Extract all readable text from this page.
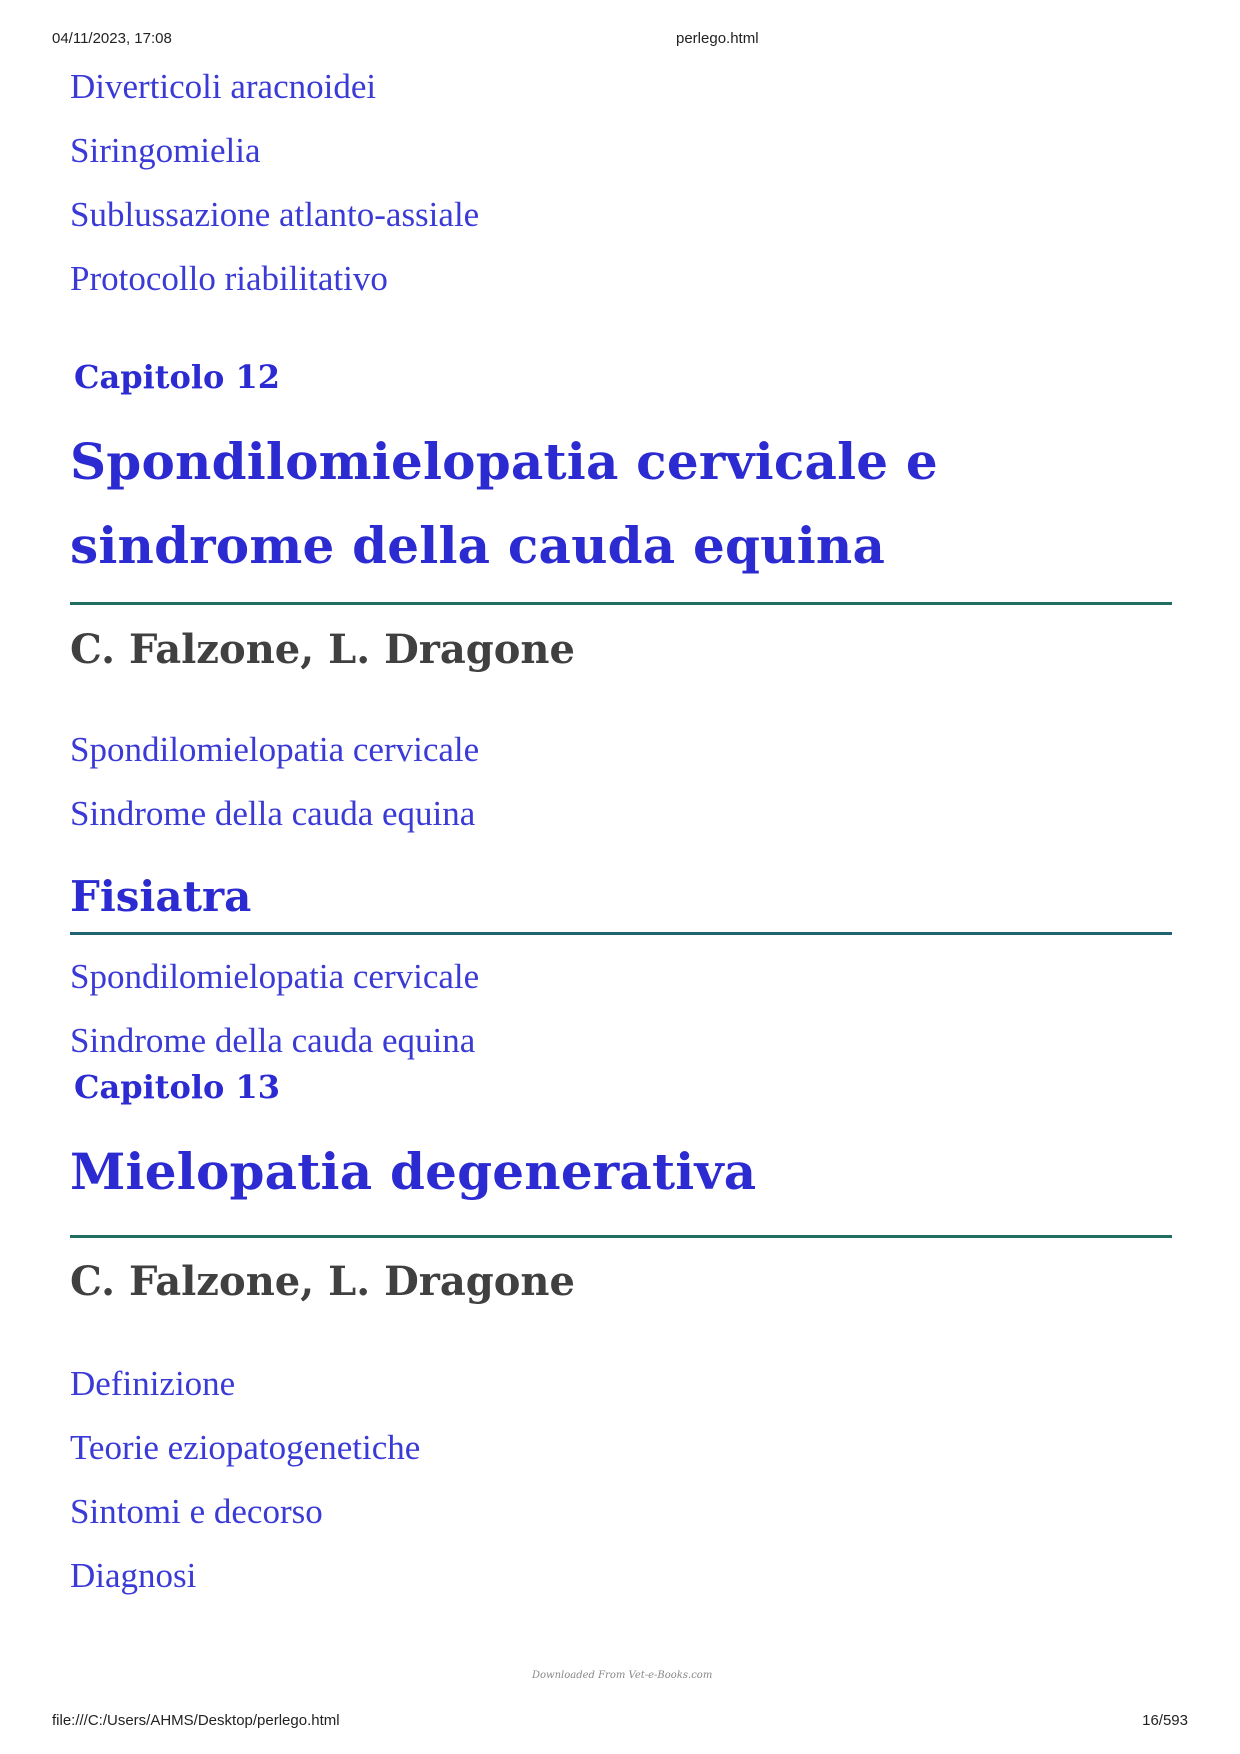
04/11/2023, 17:08	perlego.html
Diverticoli aracnoidei
Siringomielia
Sublussazione atlanto-assiale
Protocollo riabilitativo
Capitolo 12
Spondilomielopatia cervicale e
sindrome della cauda equina
C. Falzone, L. Dragone
Spondilomielopatia cervicale
Sindrome della cauda equina
Fisiatra
Spondilomielopatia cervicale
Sindrome della cauda equina
Capitolo 13
Mielopatia degenerativa
C. Falzone, L. Dragone
Definizione
Teorie eziopatogenetiche
Sintomi e decorso
Diagnosi
Downloaded From Vet-e-Books.com
file:///C:/Users/AHMS/Desktop/perlego.html	16/593
